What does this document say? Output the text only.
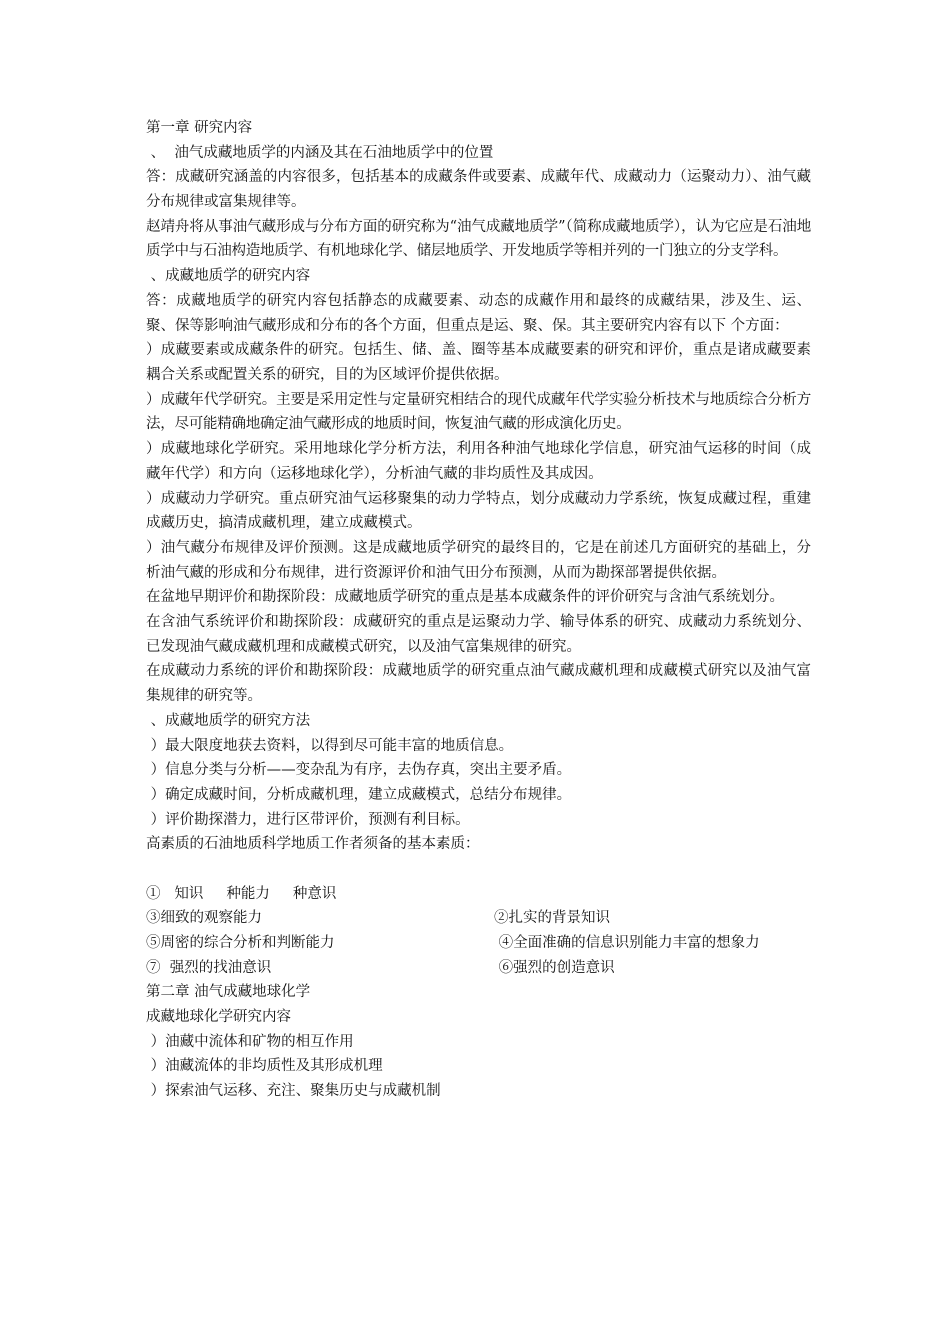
第一章 研究内容
、  油气成藏地质学的内涵及其在石油地质学中的位置
答：成藏研究涵盖的内容很多，包括基本的成藏条件或要素、成藏年代、成藏动力（运聚动力）、油气藏分布规律或富集规律等。
赵靖舟将从事油气藏形成与分布方面的研究称为“油气成藏地质学”（简称成藏地质学），认为它应是石油地质学中与石油构造地质学、有机地球化学、储层地质学、开发地质学等相并列的一门独立的分支学科。
、成藏地质学的研究内容
答：成藏地质学的研究内容包括静态的成藏要素、动态的成藏作用和最终的成藏结果，涉及生、运、聚、保等影响油气藏形成和分布的各个方面，但重点是运、聚、保。其主要研究内容有以下 个方面：
）成藏要素或成藏条件的研究。包括生、储、盖、圈等基本成藏要素的研究和评价，重点是诸成藏要素耦合关系或配置关系的研究，目的为区域评价提供依据。
）成藏年代学研究。主要是采用定性与定量研究相结合的现代成藏年代学实验分析技术与地质综合分析方法，尽可能精确地确定油气藏形成的地质时间，恢复油气藏的形成演化历史。
）成藏地球化学研究。采用地球化学分析方法，利用各种油气地球化学信息，研究油气运移的时间（成藏年代学）和方向（运移地球化学），分析油气藏的非均质性及其成因。
）成藏动力学研究。重点研究油气运移聚集的动力学特点，划分成藏动力学系统，恢复成藏过程，重建成藏历史，搞清成藏机理，建立成藏模式。
）油气藏分布规律及评价预测。这是成藏地质学研究的最终目的，它是在前述几方面研究的基础上，分析油气藏的形成和分布规律，进行资源评价和油气田分布预测，从而为勘探部署提供依据。
在盆地早期评价和勘探阶段：成藏地质学研究的重点是基本成藏条件的评价研究与含油气系统划分。
在含油气系统评价和勘探阶段：成藏研究的重点是运聚动力学、输导体系的研究、成藏动力系统划分、已发现油气藏成藏机理和成藏模式研究，以及油气富集规律的研究。
在成藏动力系统的评价和勘探阶段：成藏地质学的研究重点油气藏成藏机理和成藏模式研究以及油气富集规律的研究等。
、成藏地质学的研究方法
）最大限度地获去资料，以得到尽可能丰富的地质信息。
）信息分类与分析——变杂乱为有序，去伪存真，突出主要矛盾。
）确定成藏时间，分析成藏机理，建立成藏模式，总结分布规律。
）评价勘探潜力，进行区带评价，预测有利目标。
高素质的石油地质科学地质工作者须备的基本素质：

①   知识     种能力     种意识

②扎实的背景知识

③细致的观察能力

④全面准确的信息识别能力丰富的想象力

⑤周密的综合分析和判断能力

⑥强烈的创造意识

⑦  强烈的找油意识

第二章 油气成藏地球化学
成藏地球化学研究内容
）油藏中流体和矿物的相互作用
）油藏流体的非均质性及其形成机理
）探索油气运移、充注、聚集历史与成藏机制
